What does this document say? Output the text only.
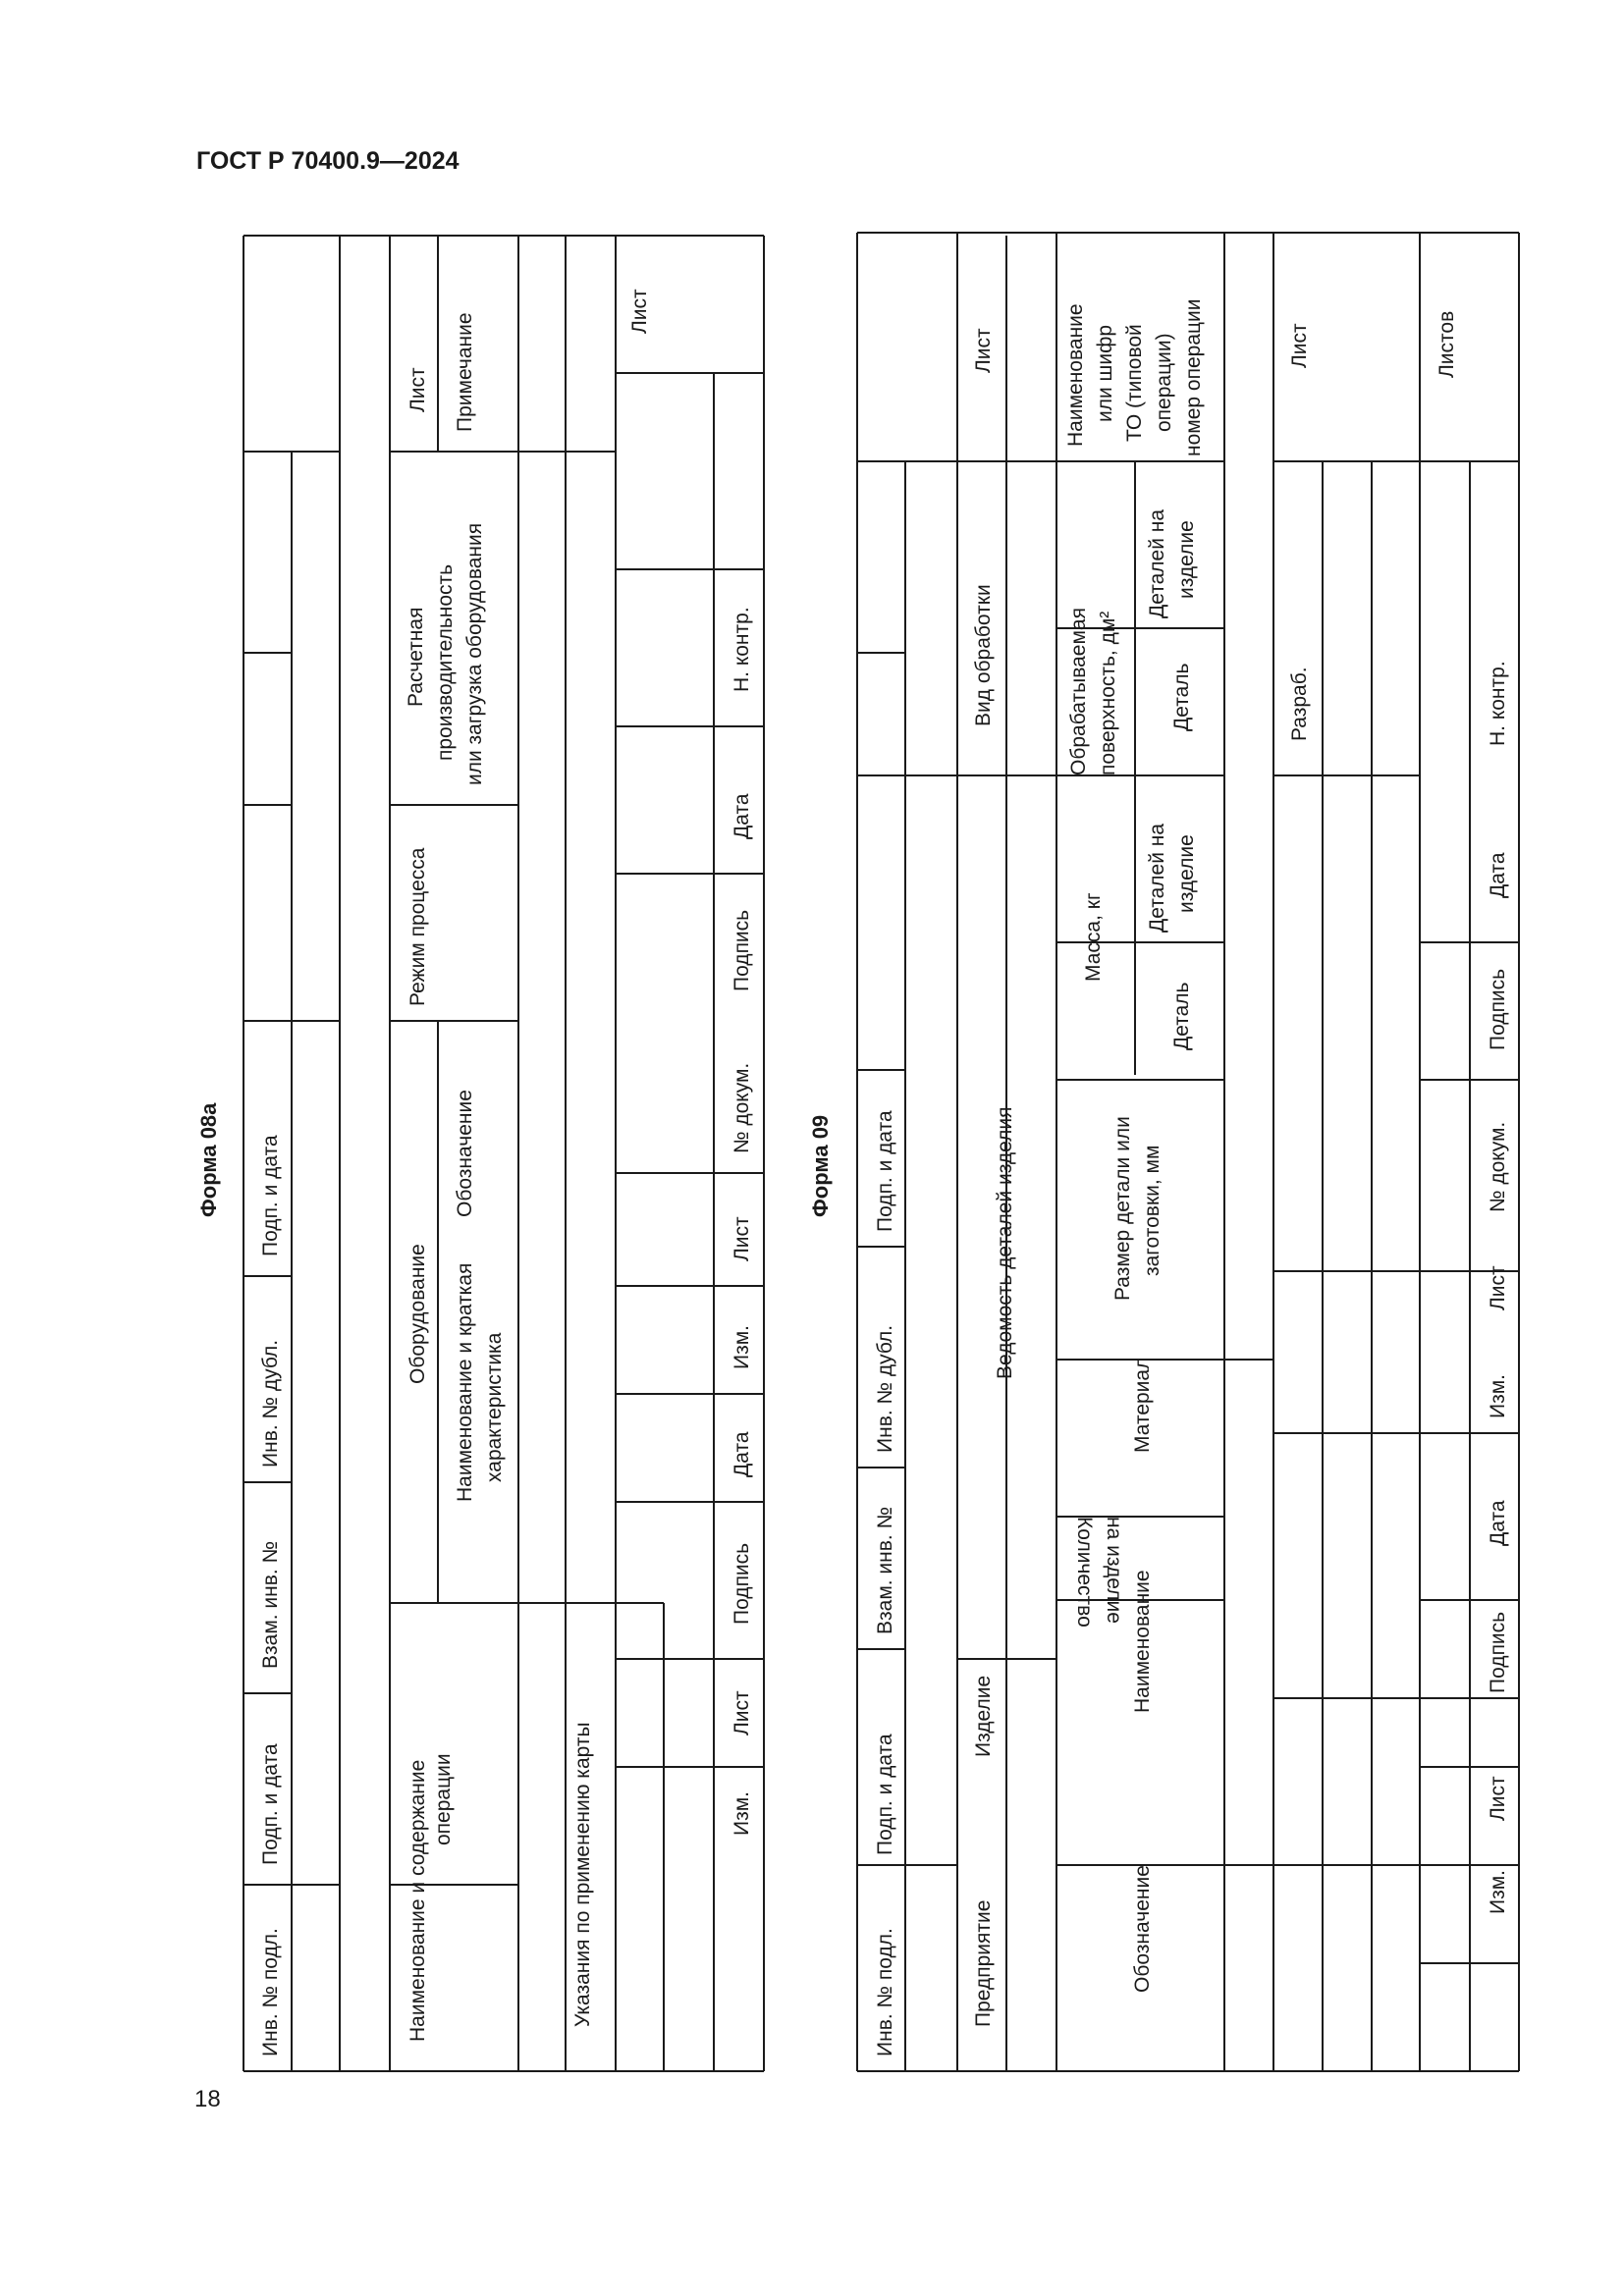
ГОСТ Р 70400.9—2024
18
Форма 08а	Форма 09
Инв. № подл.
Подп. и дата
Взам. инв. №
Инв. № дубл.
Подп. и дата
Наименование и содержание операции
Оборудование Наименование и краткая характеристика
Обозначение
Режим процесса
Расчетная производительность или загрузка оборудования
Лист Примечание
Указания по применению карты
Лист
Изм.
Лист
Подпись
Дата
Изм.
Лист
№ докум.
Подпись
Дата
Н. контр.
Инв. № подл.
Подп. и дата
Взам. инв. №
Инв. № дубл.
Подп. и дата
Предприятие
Изделие
Ведомость деталей изделия
Вид обработки
Лист
Обозначение
Наименование
Количество на изделие
Материал
Размер детали или заготовки, мм
Масса, кг
Деталь
Деталей на изделие
Обрабатываемая поверхность, дм² Деталь
Деталей на изделие
Наименование или шифр ТО (типовой операции) номер операции
Разраб.
Лист	Листов
Изм.
Лист
Подпись
Дата
Изм.
Лист
№ докум.
Подпись
Дата
Н. контр.
